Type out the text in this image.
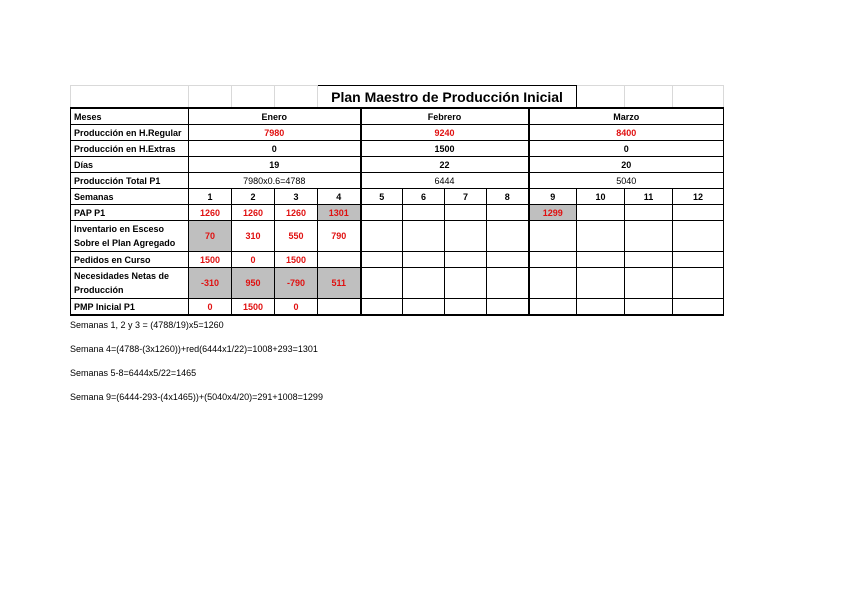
				Plan Maestro de Producción Inicial								
Meses	Enero				Febrero				Marzo			
Producción en H.Regular	7980				9240				8400			
Producción en H.Extras	0				1500				0			
Días	19				22				20			
Producción Total P1	7980x0.6=4788				6444				5040			
Semanas	1	2	3	4	5	6	7	8	9	10	11	12
PAP P1	1260	1260	1260	1301					1299			
Inventario en Esceso Sobre el Plan Agregado	70	310	550	790								
Pedidos en Curso	1500	0	1500									
Necesidades Netas de Producción	-310	950	-790	511								
PMP Inicial P1	0	1500	0									
Semanas 1, 2 y 3 = (4788/19)x5=1260
Semana 4=(4788-(3x1260))+red(6444x1/22)=1008+293=1301
Semanas 5-8=6444x5/22=1465
Semana 9=(6444-293-(4x1465))+(5040x4/20)=291+1008=1299
